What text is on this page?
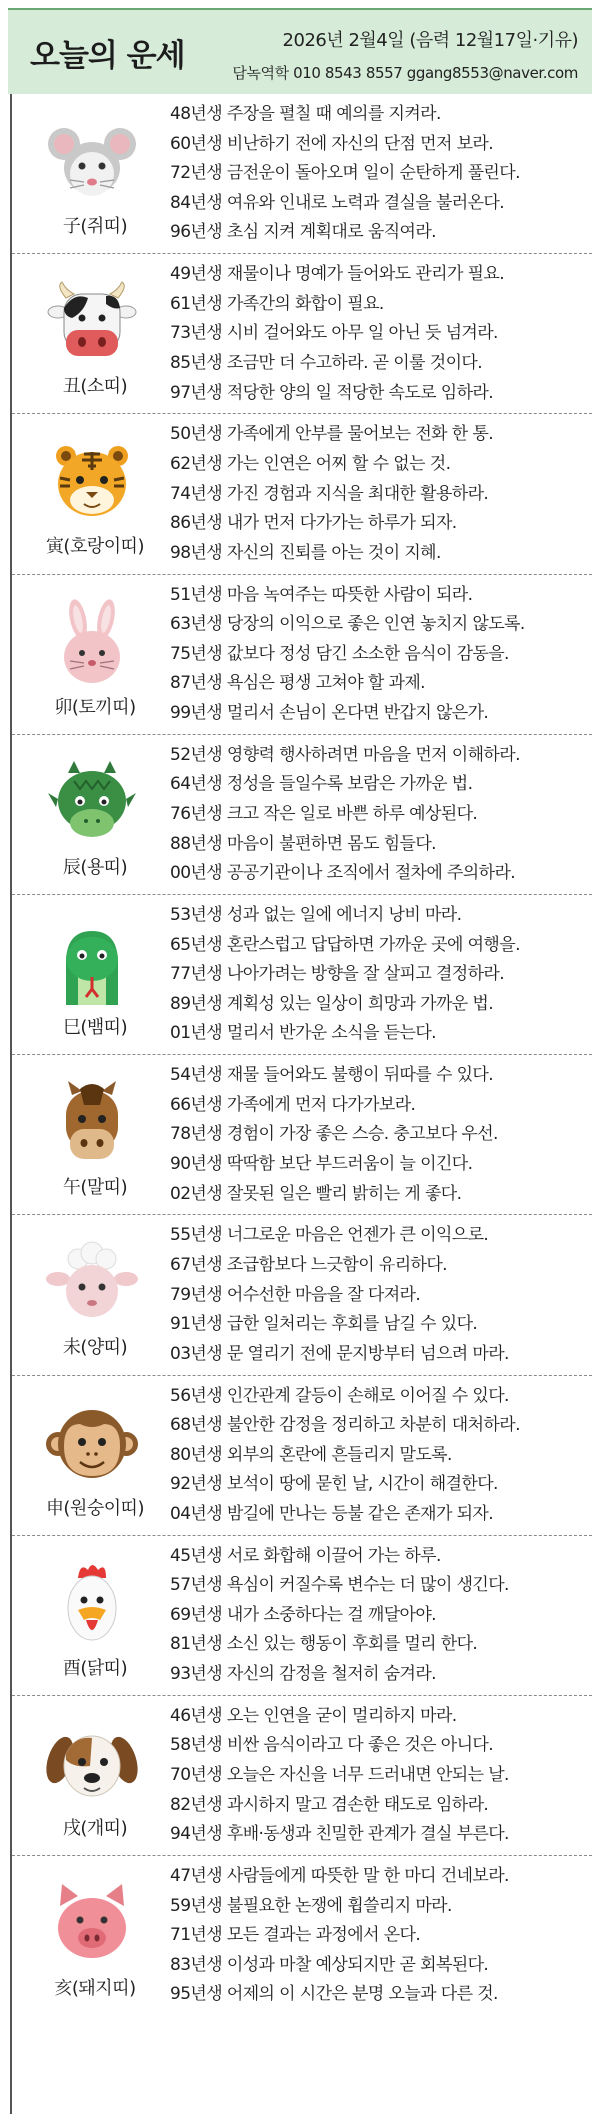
오늘의 운세	2026년 2월4일 (음력 12월17일·기유)
담녹역학 010 8543 8557 ggang8553@naver.com
子(쥐띠)
48년생 주장을 펼칠 때 예의를 지켜라.
60년생 비난하기 전에 자신의 단점 먼저 보라.
72년생 금전운이 돌아오며 일이 순탄하게 풀린다.
84년생 여유와 인내로 노력과 결실을 불러온다.
96년생 초심 지켜 계획대로 움직여라.
丑(소띠)
49년생 재물이나 명예가 들어와도 관리가 필요.
61년생 가족간의 화합이 필요.
73년생 시비 걸어와도 아무 일 아닌 듯 넘겨라.
85년생 조금만 더 수고하라. 곧 이룰 것이다.
97년생 적당한 양의 일 적당한 속도로 임하라.
寅(호랑이띠)
50년생 가족에게 안부를 물어보는 전화 한 통.
62년생 가는 인연은 어찌 할 수 없는 것.
74년생 가진 경험과 지식을 최대한 활용하라.
86년생 내가 먼저 다가가는 하루가 되자.
98년생 자신의 진퇴를 아는 것이 지혜.
卯(토끼띠)
51년생 마음 녹여주는 따뜻한 사람이 되라.
63년생 당장의 이익으로 좋은 인연 놓치지 않도록.
75년생 값보다 정성 담긴 소소한 음식이 감동을.
87년생 욕심은 평생 고쳐야 할 과제.
99년생 멀리서 손님이 온다면 반갑지 않은가.
辰(용띠)
52년생 영향력 행사하려면 마음을 먼저 이해하라.
64년생 정성을 들일수록 보람은 가까운 법.
76년생 크고 작은 일로 바쁜 하루 예상된다.
88년생 마음이 불편하면 몸도 힘들다.
00년생 공공기관이나 조직에서 절차에 주의하라.
巳(뱀띠)
53년생 성과 없는 일에 에너지 낭비 마라.
65년생 혼란스럽고 답답하면 가까운 곳에 여행을.
77년생 나아가려는 방향을 잘 살피고 결정하라.
89년생 계획성 있는 일상이 희망과 가까운 법.
01년생 멀리서 반가운 소식을 듣는다.
午(말띠)
54년생 재물 들어와도 불행이 뒤따를 수 있다.
66년생 가족에게 먼저 다가가보라.
78년생 경험이 가장 좋은 스승. 충고보다 우선.
90년생 딱딱함 보단 부드러움이 늘 이긴다.
02년생 잘못된 일은 빨리 밝히는 게 좋다.
未(양띠)
55년생 너그로운 마음은 언젠가 큰 이익으로.
67년생 조급함보다 느긋함이 유리하다.
79년생 어수선한 마음을 잘 다져라.
91년생 급한 일처리는 후회를 남길 수 있다.
03년생 문 열리기 전에 문지방부터 넘으려 마라.
申(원숭이띠)
56년생 인간관계 갈등이 손해로 이어질 수 있다.
68년생 불안한 감정을 정리하고 차분히 대처하라.
80년생 외부의 혼란에 흔들리지 말도록.
92년생 보석이 땅에 묻힌 날, 시간이 해결한다.
04년생 밤길에 만나는 등불 같은 존재가 되자.
酉(닭띠)
45년생 서로 화합해 이끌어 가는 하루.
57년생 욕심이 커질수록 변수는 더 많이 생긴다.
69년생 내가 소중하다는 걸 깨달아야.
81년생 소신 있는 행동이 후회를 멀리 한다.
93년생 자신의 감정을 철저히 숨겨라.
戌(개띠)
46년생 오는 인연을 굳이 멀리하지 마라.
58년생 비싼 음식이라고 다 좋은 것은 아니다.
70년생 오늘은 자신을 너무 드러내면 안되는 날.
82년생 과시하지 말고 겸손한 태도로 임하라.
94년생 후배·동생과 친밀한 관계가 결실 부른다.
亥(돼지띠)
47년생 사람들에게 따뜻한 말 한 마디 건네보라.
59년생 불필요한 논쟁에 휩쓸리지 마라.
71년생 모든 결과는 과정에서 온다.
83년생 이성과 마찰 예상되지만 곧 회복된다.
95년생 어제의 이 시간은 분명 오늘과 다른 것.
